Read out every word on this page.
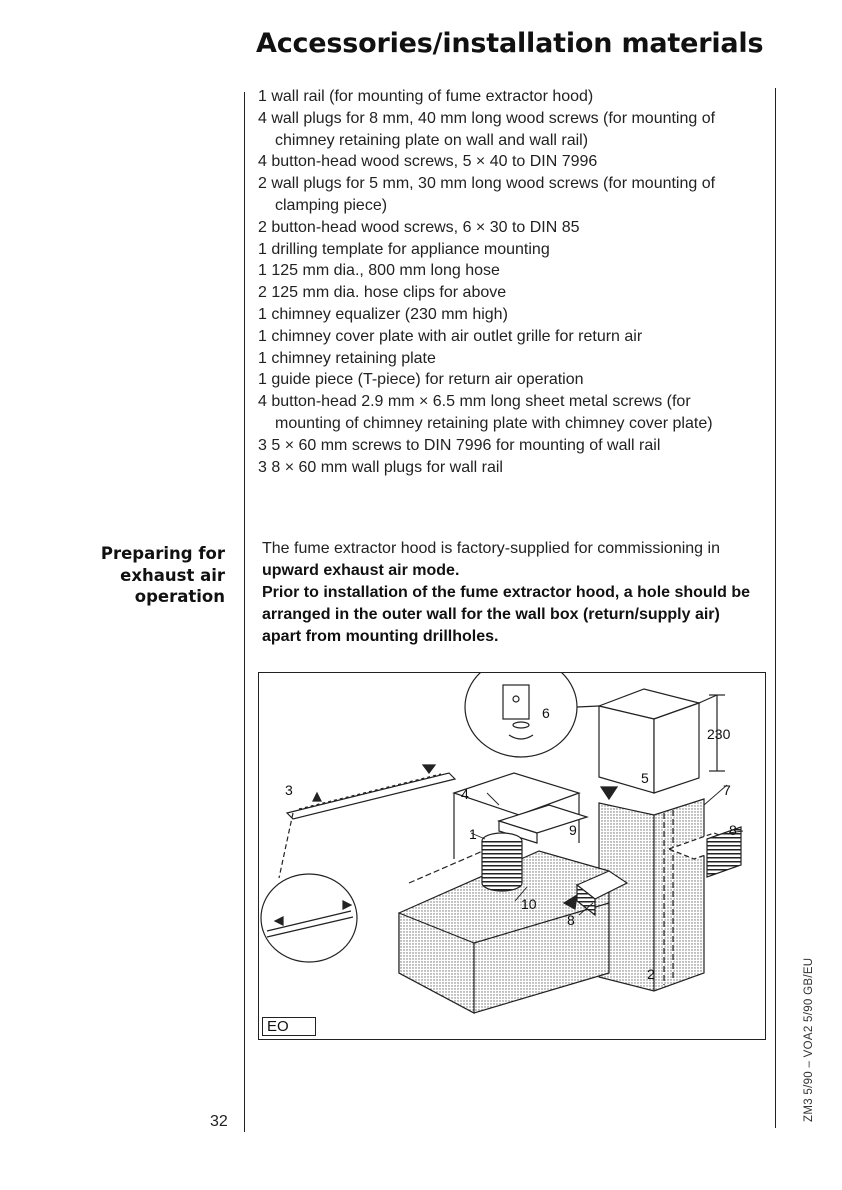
Accessories/installation materials
1 wall rail (for mounting of fume extractor hood)
4 wall plugs for 8 mm, 40 mm long wood screws (for mounting of chimney retaining plate on wall and wall rail)
4 button-head wood screws, 5 × 40 to DIN 7996
2 wall plugs for 5 mm, 30 mm long wood screws (for mounting of clamping piece)
2 button-head wood screws, 6 × 30 to DIN 85
1 drilling template for appliance mounting
1 125 mm dia., 800 mm long hose
2 125 mm dia. hose clips for above
1 chimney equalizer (230 mm high)
1 chimney cover plate with air outlet grille for return air
1 chimney retaining plate
1 guide piece (T-piece) for return air operation
4 button-head 2.9 mm × 6.5 mm long sheet metal screws (for mounting of chimney retaining plate with chimney cover plate)
3 5 × 60 mm screws to DIN 7996 for mounting of wall rail
3 8 × 60 mm wall plugs for wall rail
Preparing for
exhaust air
operation

The fume extractor hood is factory-supplied for commissioning in upward exhaust air mode.

Prior to installation of the fume extractor hood, a hole should be arranged in the outer wall for the wall box (return/supply air) apart from mounting drillholes.

6
230
5
7
3	4
9	8
1
10
8
2
EO
32	ZM3 5/90 – VOA2 5/90 GB/EU
